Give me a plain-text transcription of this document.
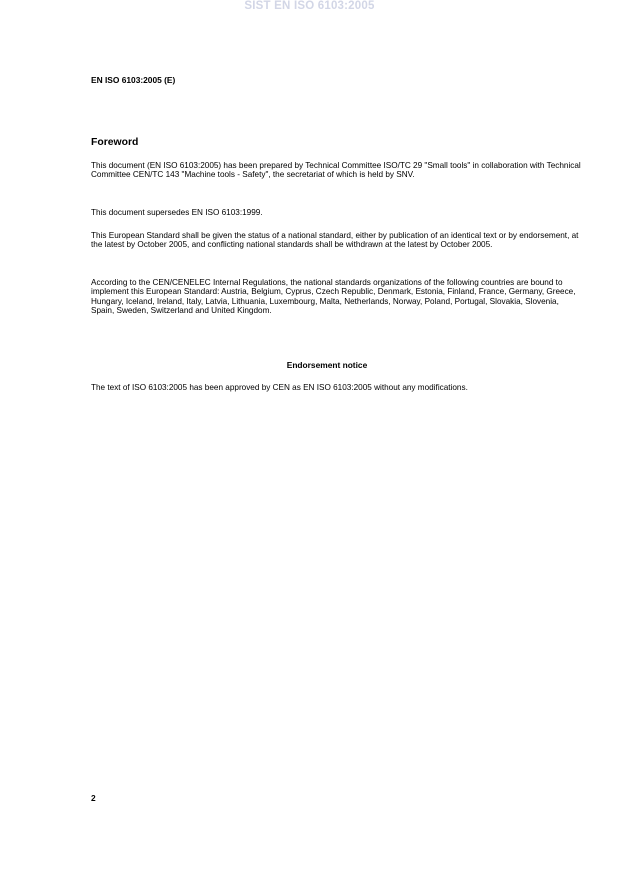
SIST EN ISO 6103:2005
EN ISO 6103:2005 (E)
Foreword

This document (EN ISO 6103:2005) has been prepared by Technical Committee ISO/TC 29 "Small tools" in collaboration with Technical Committee CEN/TC 143 "Machine tools - Safety", the secretariat of which is held by SNV.

This document supersedes EN ISO 6103:1999.

This European Standard shall be given the status of a national standard, either by publication of an identical text or by endorsement, at the latest by October 2005, and conflicting national standards shall be withdrawn at the latest by October 2005.

According to the CEN/CENELEC Internal Regulations, the national standards organizations of the following countries are bound to implement this European Standard: Austria, Belgium, Cyprus, Czech Republic, Denmark, Estonia, Finland, France, Germany, Greece, Hungary, Iceland, Ireland, Italy, Latvia, Lithuania, Luxembourg, Malta, Netherlands, Norway, Poland, Portugal, Slovakia, Slovenia, Spain, Sweden, Switzerland and United Kingdom.

Endorsement notice

The text of ISO 6103:2005 has been approved by CEN as EN ISO 6103:2005 without any modifications.

2
